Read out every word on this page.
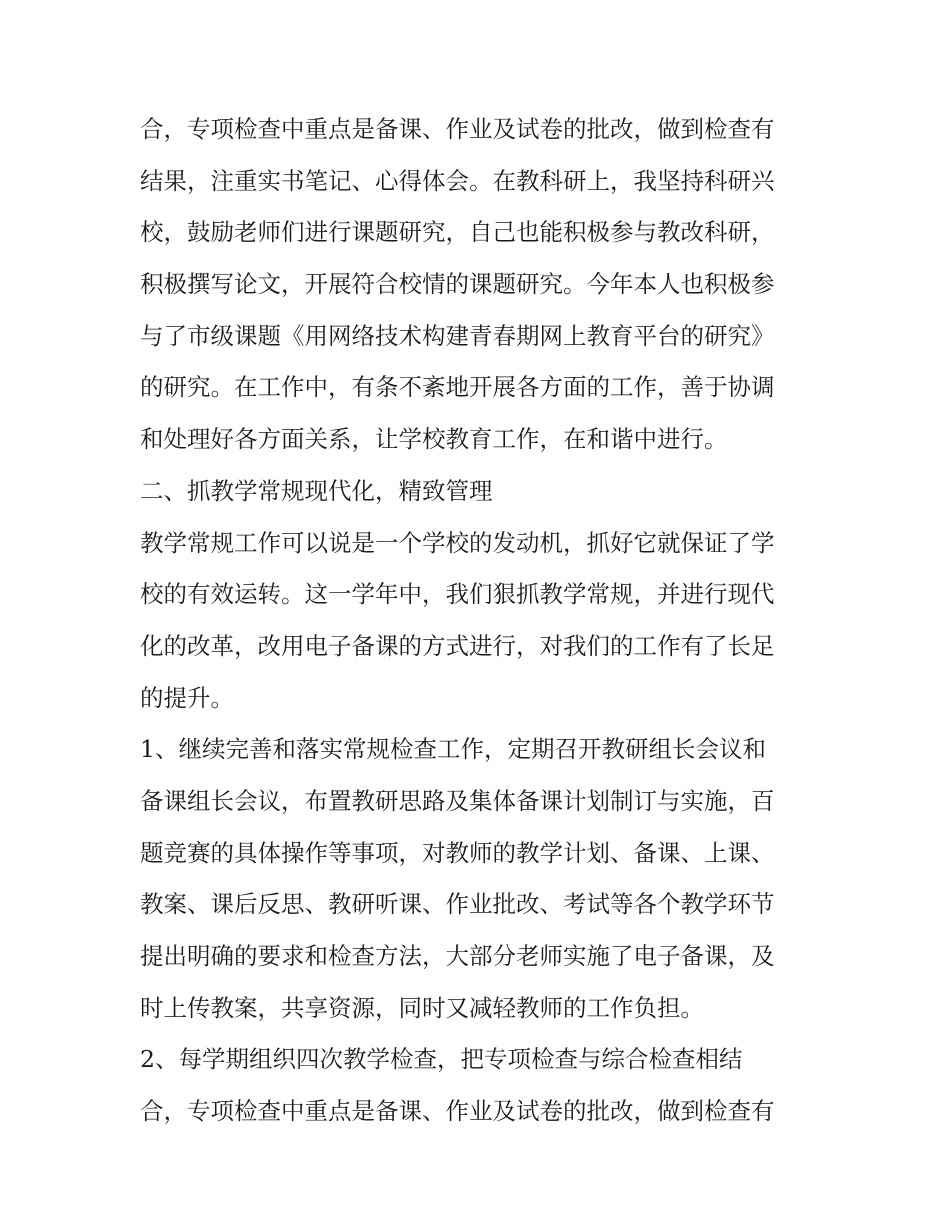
合，专项检查中重点是备课、作业及试卷的批改，做到检查有
结果，注重实书笔记、心得体会。在教科研上，我坚持科研兴
校，鼓励老师们进行课题研究，自己也能积极参与教改科研，
积极撰写论文，开展符合校情的课题研究。今年本人也积极参
与了市级课题《用网络技术构建青春期网上教育平台的研究》
的研究。在工作中，有条不紊地开展各方面的工作，善于协调
和处理好各方面关系，让学校教育工作，在和谐中进行。
二、抓教学常规现代化，精致管理
教学常规工作可以说是一个学校的发动机，抓好它就保证了学
校的有效运转。这一学年中，我们狠抓教学常规，并进行现代
化的改革，改用电子备课的方式进行，对我们的工作有了长足
的提升。
1、继续完善和落实常规检查工作，定期召开教研组长会议和
备课组长会议，布置教研思路及集体备课计划制订与实施，百
题竞赛的具体操作等事项，对教师的教学计划、备课、上课、
教案、课后反思、教研听课、作业批改、考试等各个教学环节
提出明确的要求和检查方法，大部分老师实施了电子备课，及
时上传教案，共享资源，同时又减轻教师的工作负担。
2、每学期组织四次教学检查，把专项检查与综合检查相结
合，专项检查中重点是备课、作业及试卷的批改，做到检查有
